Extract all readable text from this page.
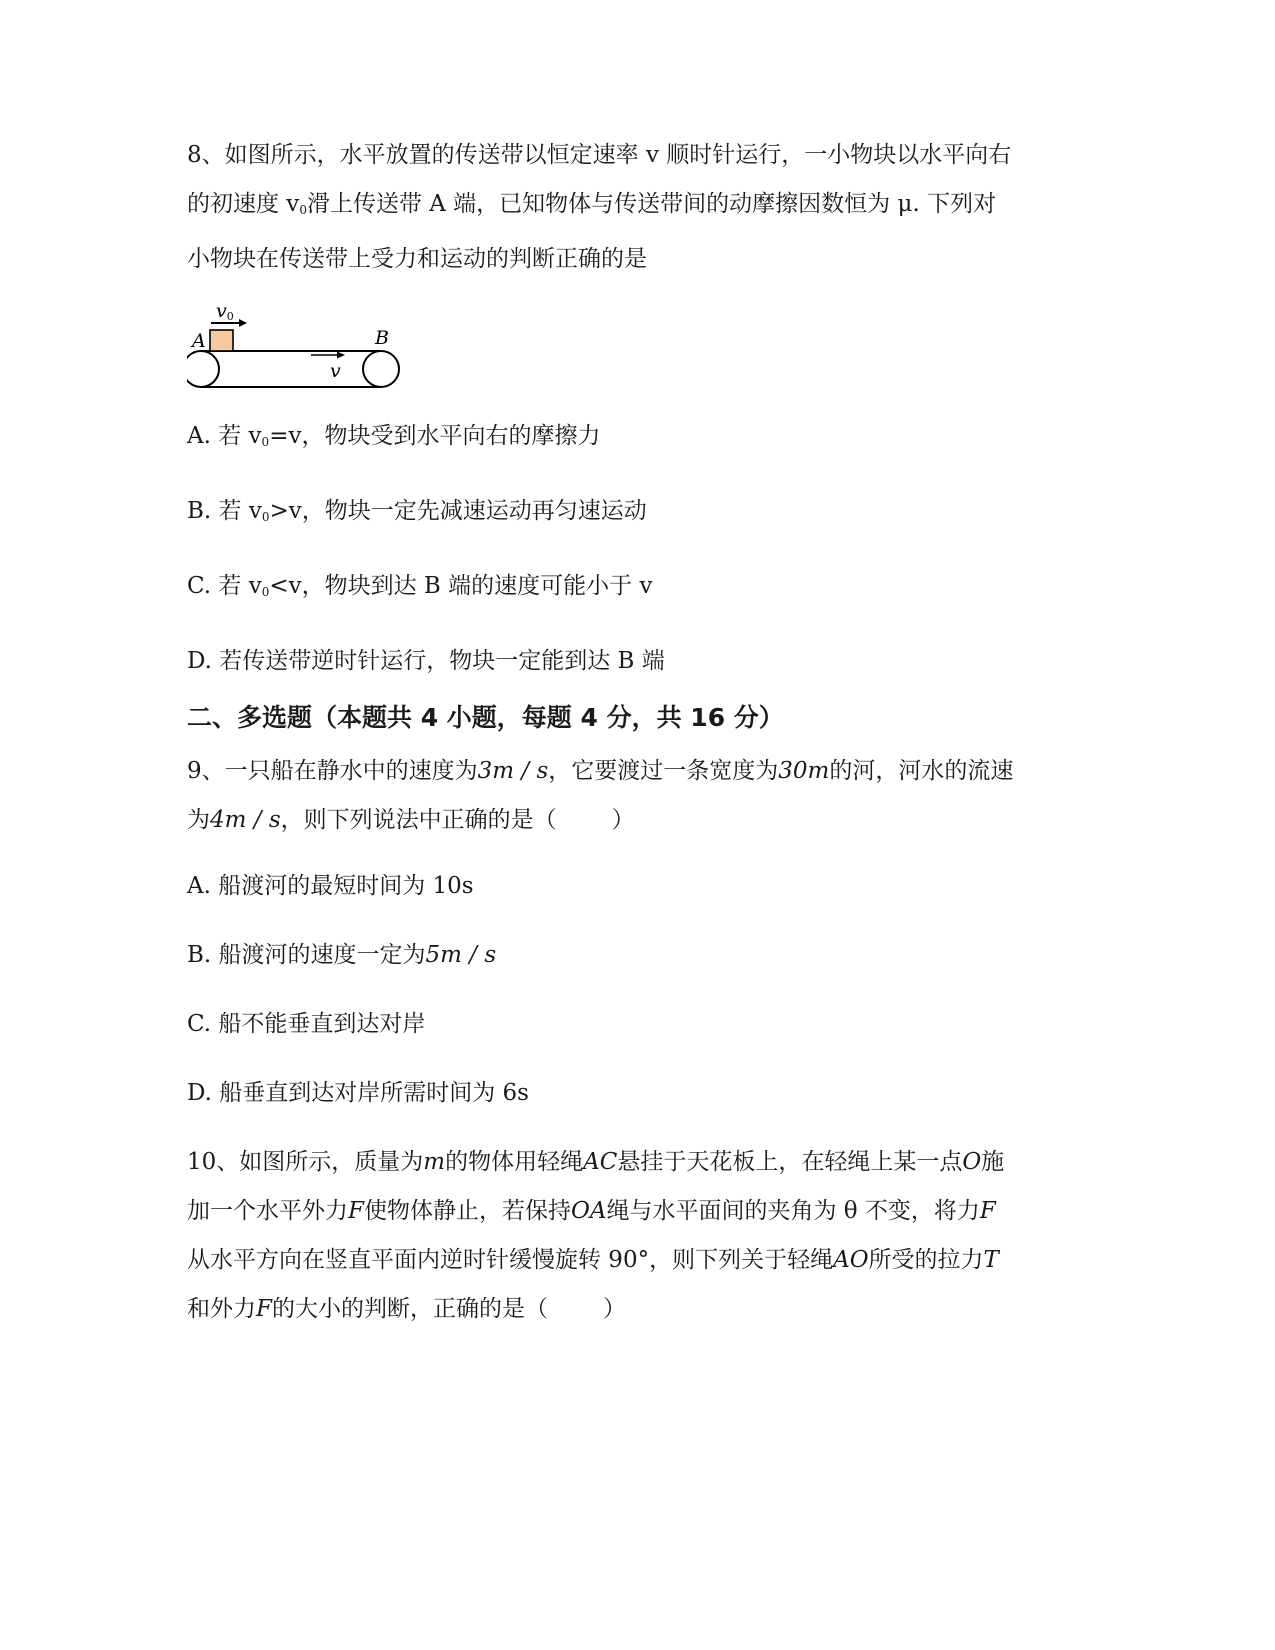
8、如图所示，水平放置的传送带以恒定速率 v 顺时针运行，一小物块以水平向右

的初速度 $v_0$滑上传送带 A 端，已知物体与传送带间的动摩擦因数恒为 μ. 下列对

小物块在传送带上受力和运动的判断正确的是

v0
A	B
v

A. 若 $v_0=v$，物块受到水平向右的摩擦力

B. 若 $v_0>v$，物块一定先减速运动再匀速运动

C. 若 $v_0<v$，物块到达 B 端的速度可能小于 v

D. 若传送带逆时针运行，物块一定能到达 B 端

二、多选题（本题共 4 小题，每题 4 分，共 16 分）

9、一只船在静水中的速度为3m / s，它要渡过一条宽度为30m的河，河水的流速

为4m / s，则下列说法中正确的是（ ）

A. 船渡河的最短时间为 10s

B. 船渡河的速度一定为5m / s

C. 船不能垂直到达对岸

D. 船垂直到达对岸所需时间为 6s

10、如图所示，质量为m的物体用轻绳AC悬挂于天花板上，在轻绳上某一点O施

加一个水平外力F使物体静止，若保持OA绳与水平面间的夹角为 θ 不变，将力F

从水平方向在竖直平面内逆时针缓慢旋转 90°，则下列关于轻绳AO所受的拉力T

和外力F的大小的判断，正确的是（ ）
